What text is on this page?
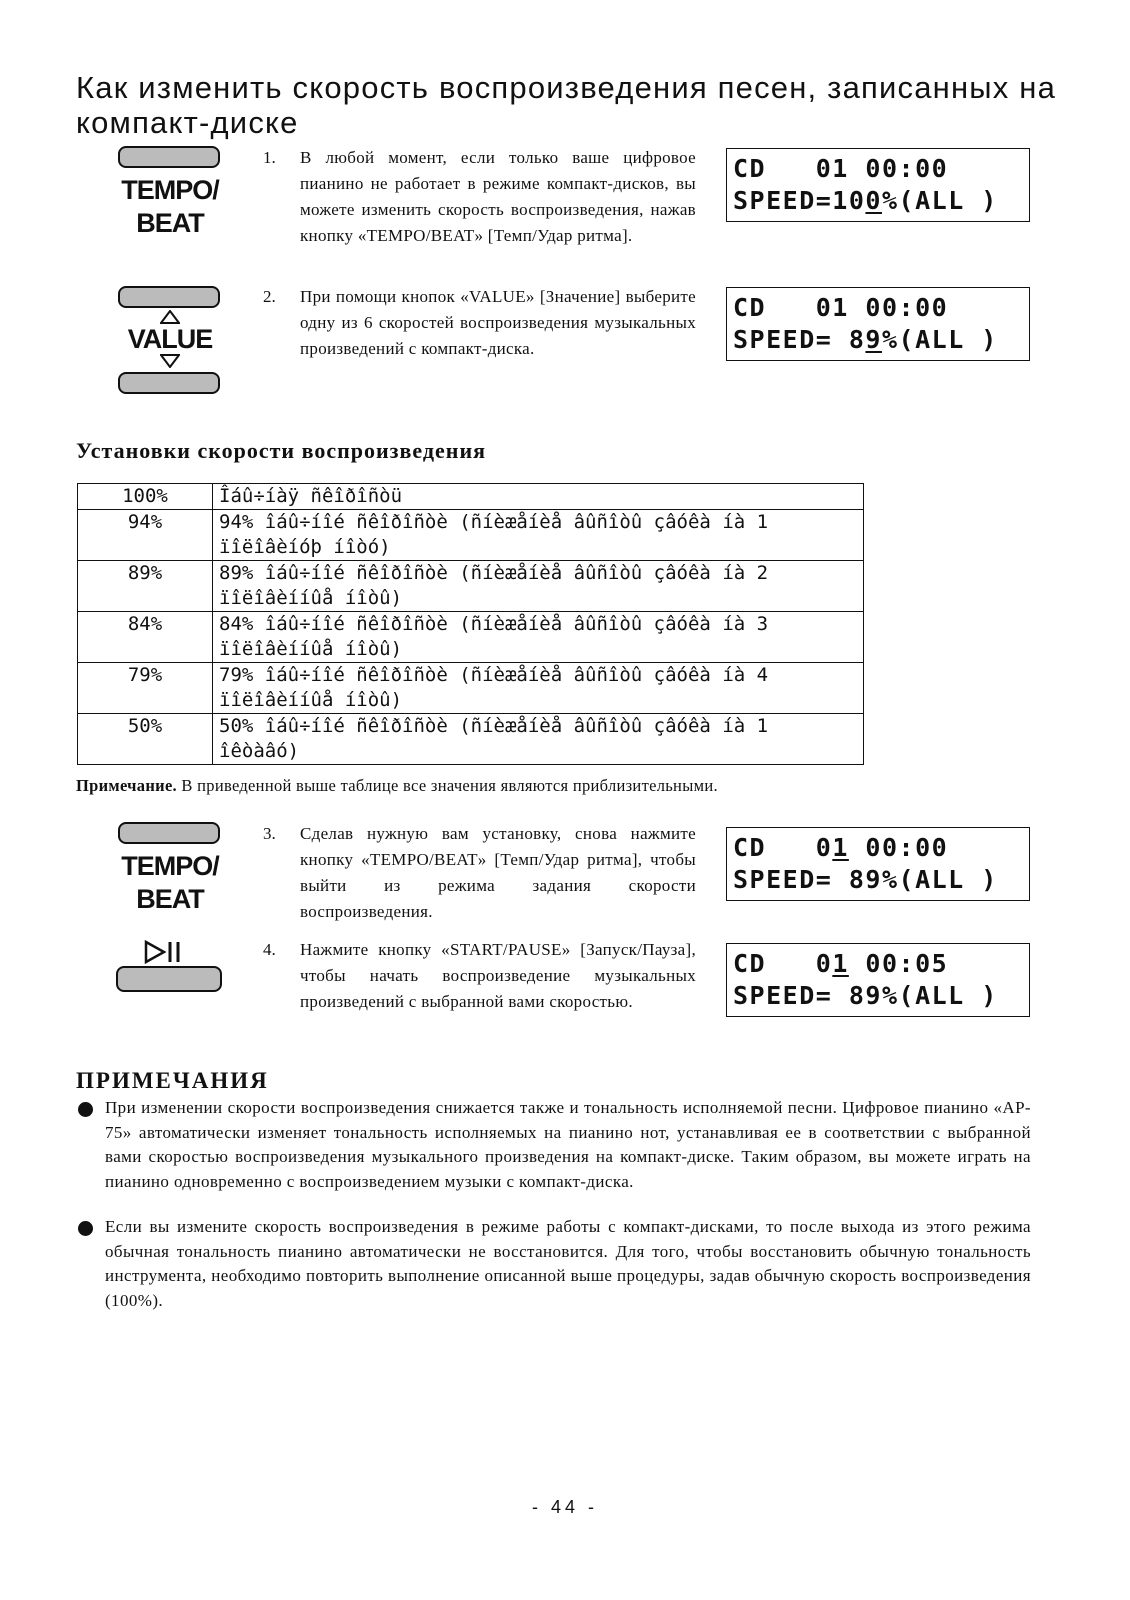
Как изменить скорость воспроизведения песен, записанных на компакт-диске
TEMPO/
BEAT
1. В любой момент, если только ваше цифровое пианино не работает в режиме компакт-дисков, вы можете изменить скорость воспроизведения, нажав кнопку «TEMPO/BEAT» [Темп/Удар ритма].
CD   01 00:00
SPEED=100%(ALL )
VALUE
2. При помощи кнопок «VALUE» [Значение] выберите одну из 6 скоростей воспроизведения музыкальных произведений с компакт-диска.
CD   01 00:00
SPEED= 89%(ALL )
Установки скорости воспроизведения
100%	Îáû÷íàÿ ñêîðîñòü
94%	94% îáû÷íîé ñêîðîñòè (ñíèæåíèå âûñîòû çâóêà íà 1 ïîëîâèíóþ íîòó)
89%	89% îáû÷íîé ñêîðîñòè (ñíèæåíèå âûñîòû çâóêà íà 2 ïîëîâèííûå íîòû)
84%	84% îáû÷íîé ñêîðîñòè (ñíèæåíèå âûñîòû çâóêà íà 3 ïîëîâèííûå íîòû)
79%	79% îáû÷íîé ñêîðîñòè (ñíèæåíèå âûñîòû çâóêà íà 4 ïîëîâèííûå íîòû)
50%	50% îáû÷íîé ñêîðîñòè (ñíèæåíèå âûñîòû çâóêà íà 1 îêòàâó)
Примечание. В приведенной выше таблице все значения являются приблизительными.
TEMPO/
BEAT
3. Сделав нужную вам установку, снова нажмите кнопку «TEMPO/BEAT» [Темп/Удар ритма], чтобы выйти из режима задания скорости воспроизведения.
CD   01 00:00
SPEED= 89%(ALL )
4. Нажмите кнопку «START/PAUSE» [Запуск/Пауза], чтобы начать воспроизведение музыкальных произведений с выбранной вами скоростью.
CD   01 00:05
SPEED= 89%(ALL )
ПРИМЕЧАНИЯ
При изменении скорости воспроизведения снижается также и тональность исполняемой песни. Цифровое пианино «AP-75» автоматически изменяет тональность исполняемых на пианино нот, устанавливая ее в соответствии с выбранной вами скоростью воспроизведения музыкального произведения на компакт-диске. Таким образом, вы можете играть на пианино одновременно с воспроизведением музыки с компакт-диска.
Если вы измените скорость воспроизведения в режиме работы с компакт-дисками, то после выхода из этого режима обычная тональность пианино автоматически не восстановится. Для того, чтобы восстановить обычную тональность инструмента, необходимо повторить выполнение описанной выше процедуры, задав обычную скорость воспроизведения (100%).
- 44 -
